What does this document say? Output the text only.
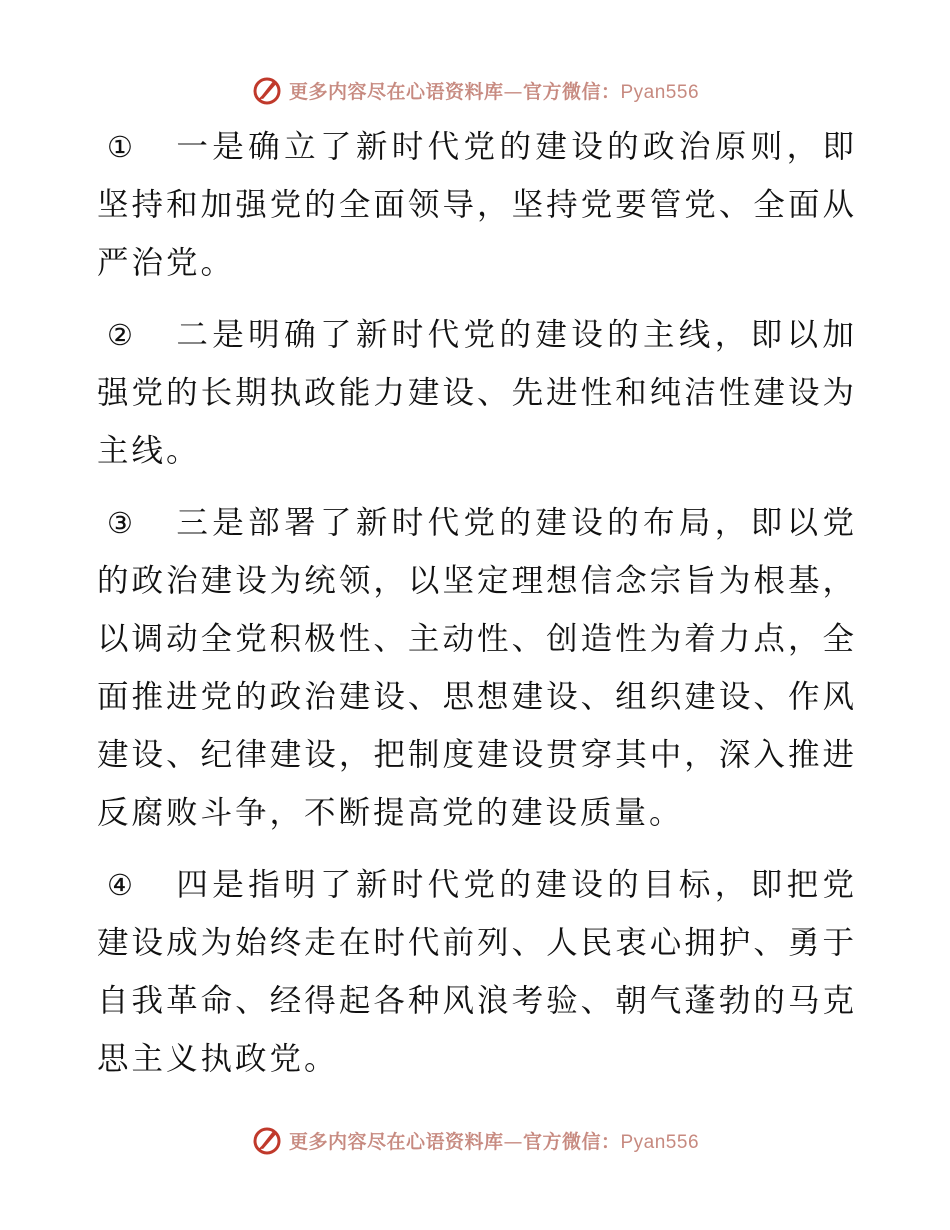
更多内容尽在心语资料库—官方微信：Pyan556

① 一是确立了新时代党的建设的政治原则，即坚持和加强党的全面领导，坚持党要管党、全面从严治党。

② 二是明确了新时代党的建设的主线，即以加强党的长期执政能力建设、先进性和纯洁性建设为主线。

③ 三是部署了新时代党的建设的布局，即以党的政治建设为统领，以坚定理想信念宗旨为根基，以调动全党积极性、主动性、创造性为着力点，全面推进党的政治建设、思想建设、组织建设、作风建设、纪律建设，把制度建设贯穿其中，深入推进反腐败斗争，不断提高党的建设质量。

④ 四是指明了新时代党的建设的目标，即把党建设成为始终走在时代前列、人民衷心拥护、勇于自我革命、经得起各种风浪考验、朝气蓬勃的马克思主义执政党。

更多内容尽在心语资料库—官方微信：Pyan556
